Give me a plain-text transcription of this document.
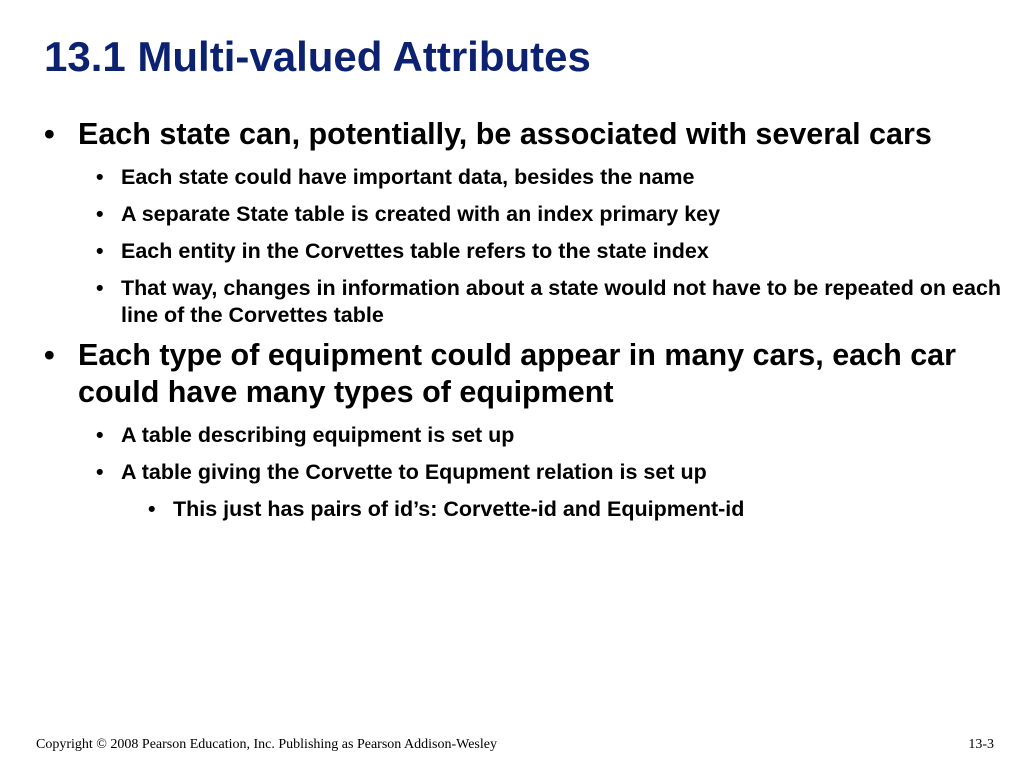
13.1 Multi-valued Attributes
• Each state can, potentially, be associated with several cars
• Each state could have important data, besides the name
• A separate State table is created with an index primary key
• Each entity in the Corvettes table refers to the state index
• That way, changes in information about a state would not have to be repeated on each line of the Corvettes table
• Each type of equipment could appear in many cars, each car could have many types of equipment
• A table describing equipment is set up
• A table giving the Corvette to Equpment relation is set up
• This just has pairs of id’s: Corvette-id and Equipment-id
Copyright © 2008 Pearson Education, Inc. Publishing as Pearson Addison-Wesley	13-3
